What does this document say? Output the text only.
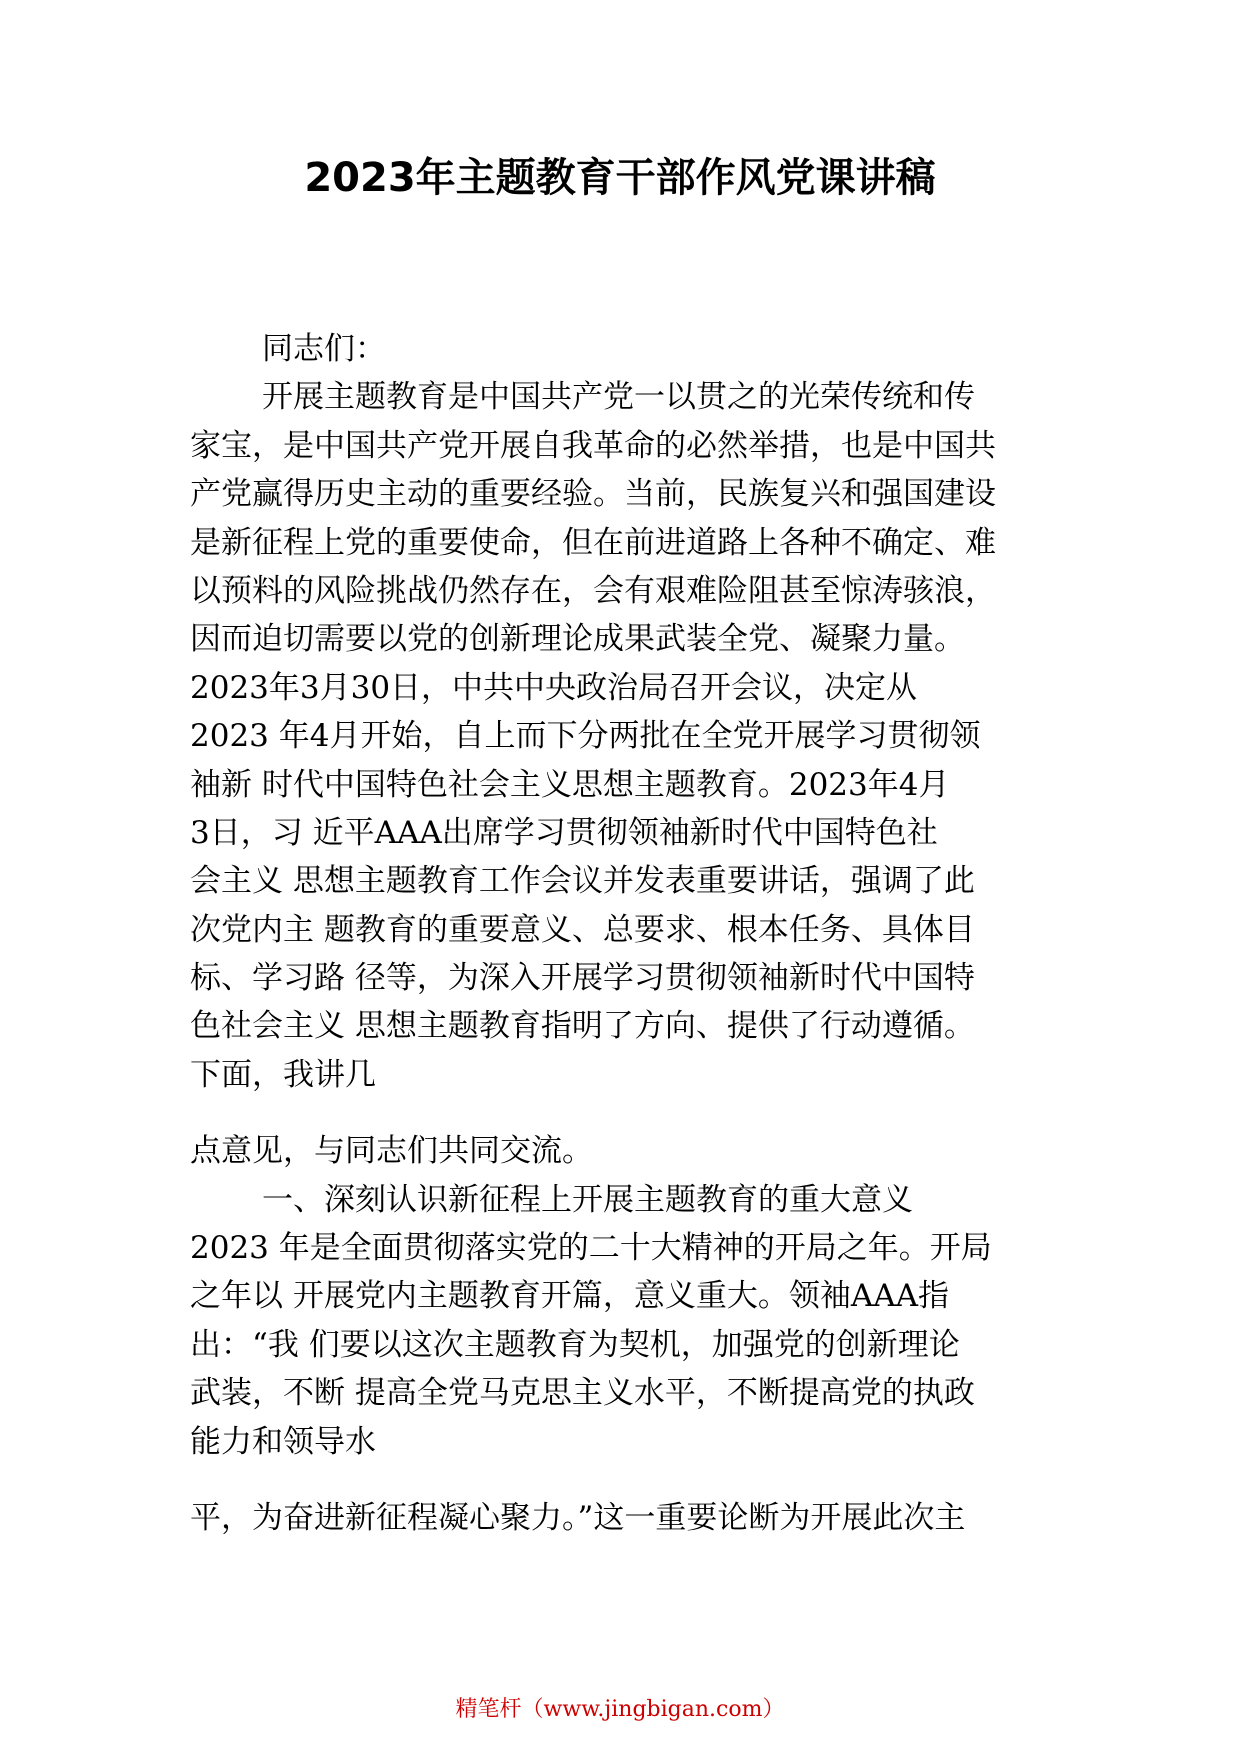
2023年主题教育干部作风党课讲稿

同志们：

开展主题教育是中国共产党一以贯之的光荣传统和传
家宝，是中国共产党开展自我革命的必然举措，也是中国共
产党赢得历史主动的重要经验。当前，民族复兴和强国建设
是新征程上党的重要使命，但在前进道路上各种不确定、难
以预料的风险挑战仍然存在，会有艰难险阻甚至惊涛骇浪，
因而迫切需要以党的创新理论成果武装全党、凝聚力量。
2023年3月30日，中共中央政治局召开会议，决定从
2023 年4月开始，自上而下分两批在全党开展学习贯彻领
袖新 时代中国特色社会主义思想主题教育。2023年4月
3日，习 近平AAA出席学习贯彻领袖新时代中国特色社
会主义 思想主题教育工作会议并发表重要讲话，强调了此
次党内主 题教育的重要意义、总要求、根本任务、具体目
标、学习路 径等，为深入开展学习贯彻领袖新时代中国特
色社会主义 思想主题教育指明了方向、提供了行动遵循。
下面，我讲几

点意见，与同志们共同交流。

一、深刻认识新征程上开展主题教育的重大意义

2023 年是全面贯彻落实党的二十大精神的开局之年。开局
之年以 开展党内主题教育开篇，意义重大。领袖AAA指
出：“我 们要以这次主题教育为契机，加强党的创新理论
武装，不断 提高全党马克思主义水平，不断提高党的执政
能力和领导水

平，为奋进新征程凝心聚力。”这一重要论断为开展此次主

精笔杆（www.jingbigan.com）
